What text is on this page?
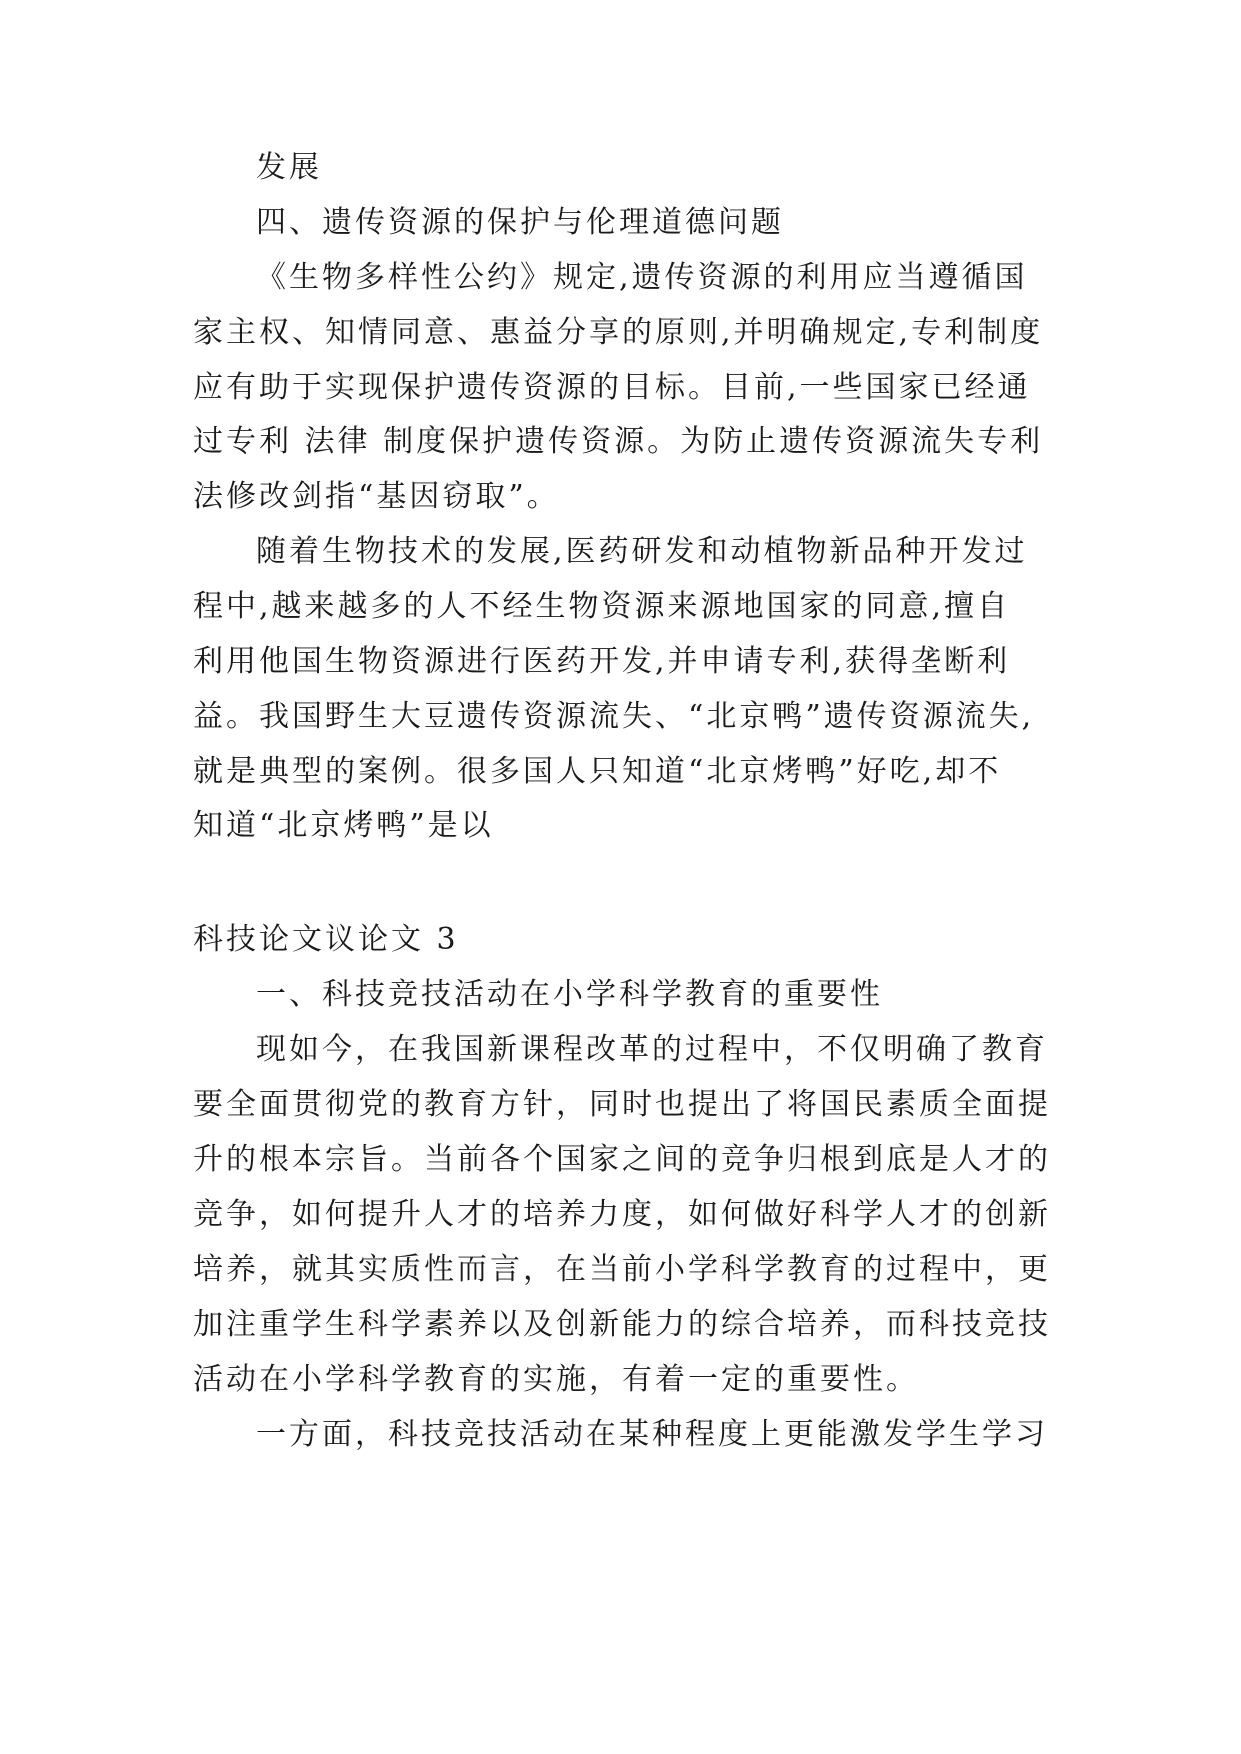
发展
四、遗传资源的保护与伦理道德问题
《生物多样性公约》规定,遗传资源的利用应当遵循国
家主权、知情同意、惠益分享的原则,并明确规定,专利制度
应有助于实现保护遗传资源的目标。目前,一些国家已经通
过专利 法律 制度保护遗传资源。为防止遗传资源流失专利
法修改剑指“基因窃取”。
随着生物技术的发展,医药研发和动植物新品种开发过
程中,越来越多的人不经生物资源来源地国家的同意,擅自
利用他国生物资源进行医药开发,并申请专利,获得垄断利
益。我国野生大豆遗传资源流失、“北京鸭”遗传资源流失,
就是典型的案例。很多国人只知道“北京烤鸭”好吃,却不
知道“北京烤鸭”是以
科技论文议论文 3
一、科技竞技活动在小学科学教育的重要性
现如今，在我国新课程改革的过程中，不仅明确了教育
要全面贯彻党的教育方针，同时也提出了将国民素质全面提
升的根本宗旨。当前各个国家之间的竞争归根到底是人才的
竞争，如何提升人才的培养力度，如何做好科学人才的创新
培养，就其实质性而言，在当前小学科学教育的过程中，更
加注重学生科学素养以及创新能力的综合培养，而科技竞技
活动在小学科学教育的实施，有着一定的重要性。
一方面，科技竞技活动在某种程度上更能激发学生学习
